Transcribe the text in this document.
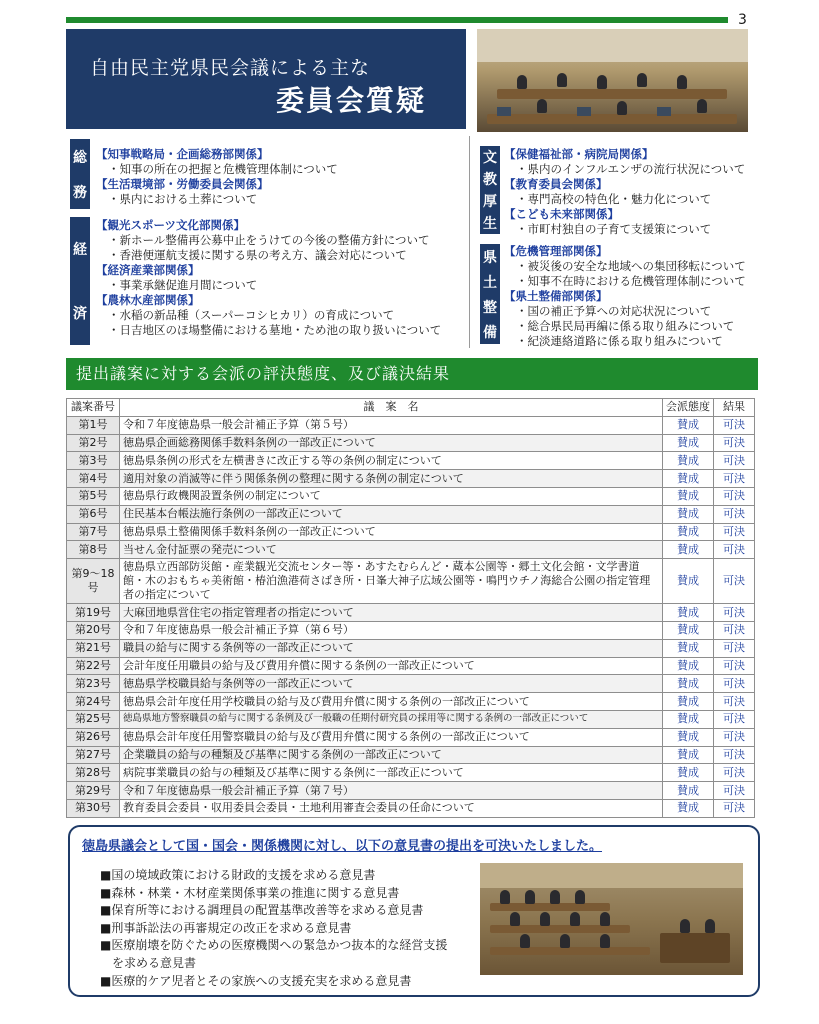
3
自由民主党県民会議による主な
委員会質疑
総
務
【知事戦略局・企画総務部関係】
・知事の所在の把握と危機管理体制について
【生活環境部・労働委員会関係】
・県内における土葬について
経
済
【観光スポーツ文化部関係】
・新ホール整備再公募中止をうけての今後の整備方針について
・香港便運航支援に関する県の考え方、議会対応について
【経済産業部関係】
・事業承継促進月間について
【農林水産部関係】
・水稲の新品種（スーパーコシヒカリ）の育成について
・日吉地区のほ場整備における墓地・ため池の取り扱いについて
文
教
厚
生
【保健福祉部・病院局関係】
・県内のインフルエンザの流行状況について
【教育委員会関係】
・専門高校の特色化・魅力化について
【こども未来部関係】
・市町村独自の子育て支援策について
県
土
整
備
【危機管理部関係】
・被災後の安全な地域への集団移転について
・知事不在時における危機管理体制について
【県土整備部関係】
・国の補正予算への対応状況について
・総合県民局再編に係る取り組みについて
・紀淡連絡道路に係る取り組みについて
提出議案に対する会派の評決態度、及び議決結果
議案番号	議　案　名	会派態度	結果
第1号	令和７年度徳島県一般会計補正予算（第５号）	賛成	可決
第2号	徳島県企画総務関係手数料条例の一部改正について	賛成	可決
第3号	徳島県条例の形式を左横書きに改正する等の条例の制定について	賛成	可決
第4号	適用対象の消滅等に伴う関係条例の整理に関する条例の制定について	賛成	可決
第5号	徳島県行政機関設置条例の制定について	賛成	可決
第6号	住民基本台帳法施行条例の一部改正について	賛成	可決
第7号	徳島県県土整備関係手数料条例の一部改正について	賛成	可決
第8号	当せん金付証票の発売について	賛成	可決
第9～18号	徳島県立西部防災館・産業観光交流センター等・あすたむらんど・蔵本公園等・郷土文化会館・文学書道館・木のおもちゃ美術館・椿泊漁港荷さばき所・日峯大神子広域公園等・鳴門ウチノ海総合公園の指定管理者の指定について	賛成	可決
第19号	大麻団地県営住宅の指定管理者の指定について	賛成	可決
第20号	令和７年度徳島県一般会計補正予算（第６号）	賛成	可決
第21号	職員の給与に関する条例等の一部改正について	賛成	可決
第22号	会計年度任用職員の給与及び費用弁償に関する条例の一部改正について	賛成	可決
第23号	徳島県学校職員給与条例等の一部改正について	賛成	可決
第24号	徳島県会計年度任用学校職員の給与及び費用弁償に関する条例の一部改正について	賛成	可決
第25号	徳島県地方警察職員の給与に関する条例及び一般職の任期付研究員の採用等に関する条例の一部改正について	賛成	可決
第26号	徳島県会計年度任用警察職員の給与及び費用弁償に関する条例の一部改正について	賛成	可決
第27号	企業職員の給与の種類及び基準に関する条例の一部改正について	賛成	可決
第28号	病院事業職員の給与の種類及び基準に関する条例に一部改正について	賛成	可決
第29号	令和７年度徳島県一般会計補正予算（第７号）	賛成	可決
第30号	教育委員会委員・収用委員会委員・土地利用審査会委員の任命について	賛成	可決
徳島県議会として国・国会・関係機関に対し、以下の意見書の提出を可決いたしました。
■国の境域政策における財政的支援を求める意見書
■森林・林業・木材産業関係事業の推進に関する意見書
■保育所等における調理員の配置基準改善等を求める意見書
■刑事訴訟法の再審規定の改正を求める意見書
■医療崩壊を防ぐための医療機関への緊急かつ抜本的な経営支援
　を求める意見書
■医療的ケア児者とその家族への支援充実を求める意見書
